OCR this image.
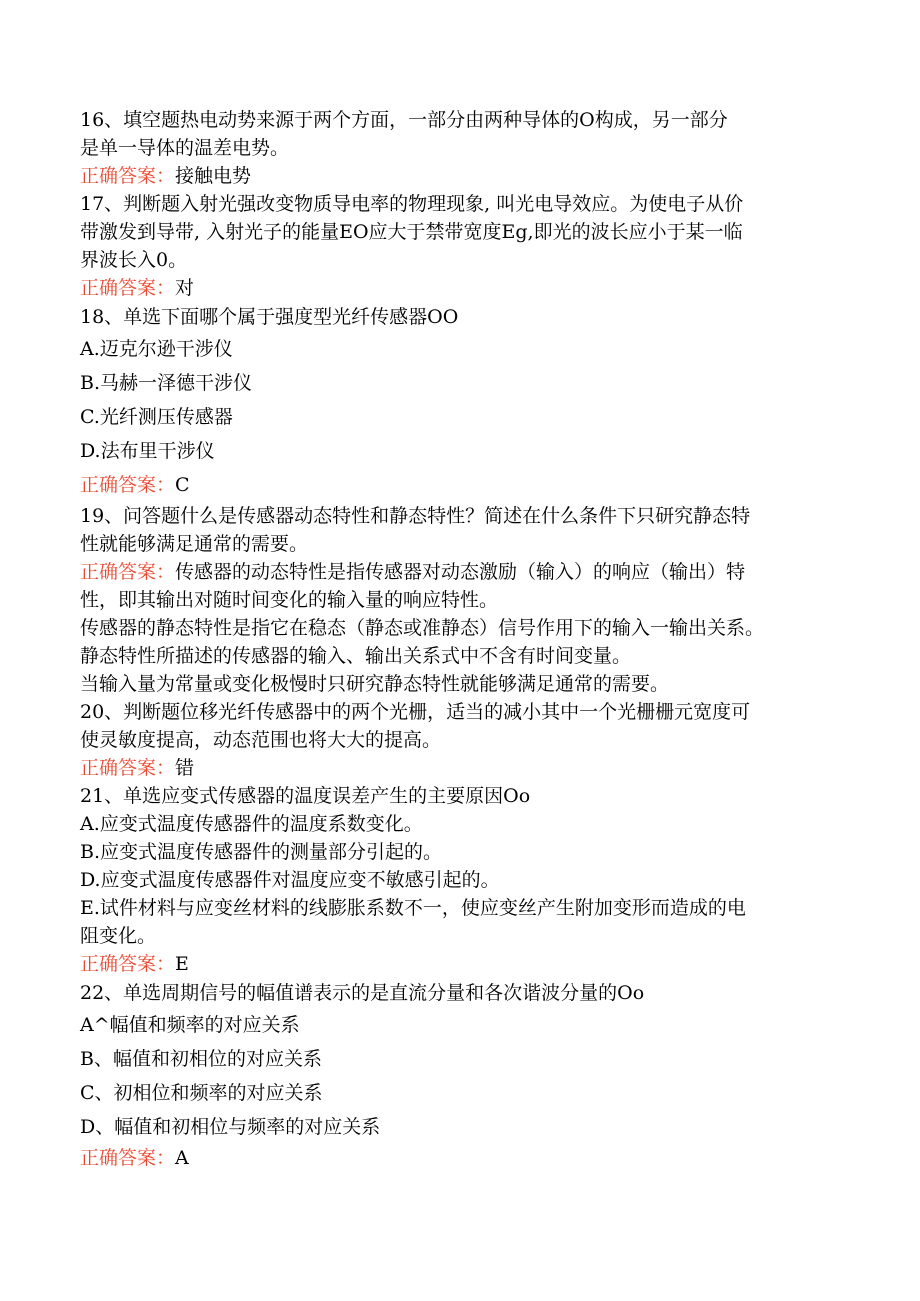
16、填空题热电动势来源于两个方面，一部分由两种导体的O构成，另一部分
是单一导体的温差电势。
正确答案：接触电势
17、判断题入射光强改变物质导电率的物理现象, 叫光电导效应。为使电子从价
带激发到导带, 入射光子的能量EO应大于禁带宽度Eg,即光的波长应小于某一临
界波长入0。
正确答案：对
18、单选下面哪个属于强度型光纤传感器OO
A.迈克尔逊干涉仪
B.马赫一泽德干涉仪
C.光纤测压传感器
D.法布里干涉仪
正确答案：C
19、问答题什么是传感器动态特性和静态特性？简述在什么条件下只研究静态特
性就能够满足通常的需要。
正确答案：传感器的动态特性是指传感器对动态激励（输入）的响应（输出）特
性，即其输出对随时间变化的输入量的响应特性。
传感器的静态特性是指它在稳态（静态或准静态）信号作用下的输入一输出关系。
静态特性所描述的传感器的输入、输出关系式中不含有时间变量。
当输入量为常量或变化极慢时只研究静态特性就能够满足通常的需要。
20、判断题位移光纤传感器中的两个光栅，适当的减小其中一个光栅栅元宽度可
使灵敏度提高，动态范围也将大大的提高。
正确答案：错
21、单选应变式传感器的温度误差产生的主要原因Oo
A.应变式温度传感器件的温度系数变化。
B.应变式温度传感器件的测量部分引起的。
D.应变式温度传感器件对温度应变不敏感引起的。
E.试件材料与应变丝材料的线膨胀系数不一，使应变丝产生附加变形而造成的电
阻变化。
正确答案：E
22、单选周期信号的幅值谱表示的是直流分量和各次谐波分量的Oo
A^幅值和频率的对应关系
B、幅值和初相位的对应关系
C、初相位和频率的对应关系
D、幅值和初相位与频率的对应关系
正确答案：A
